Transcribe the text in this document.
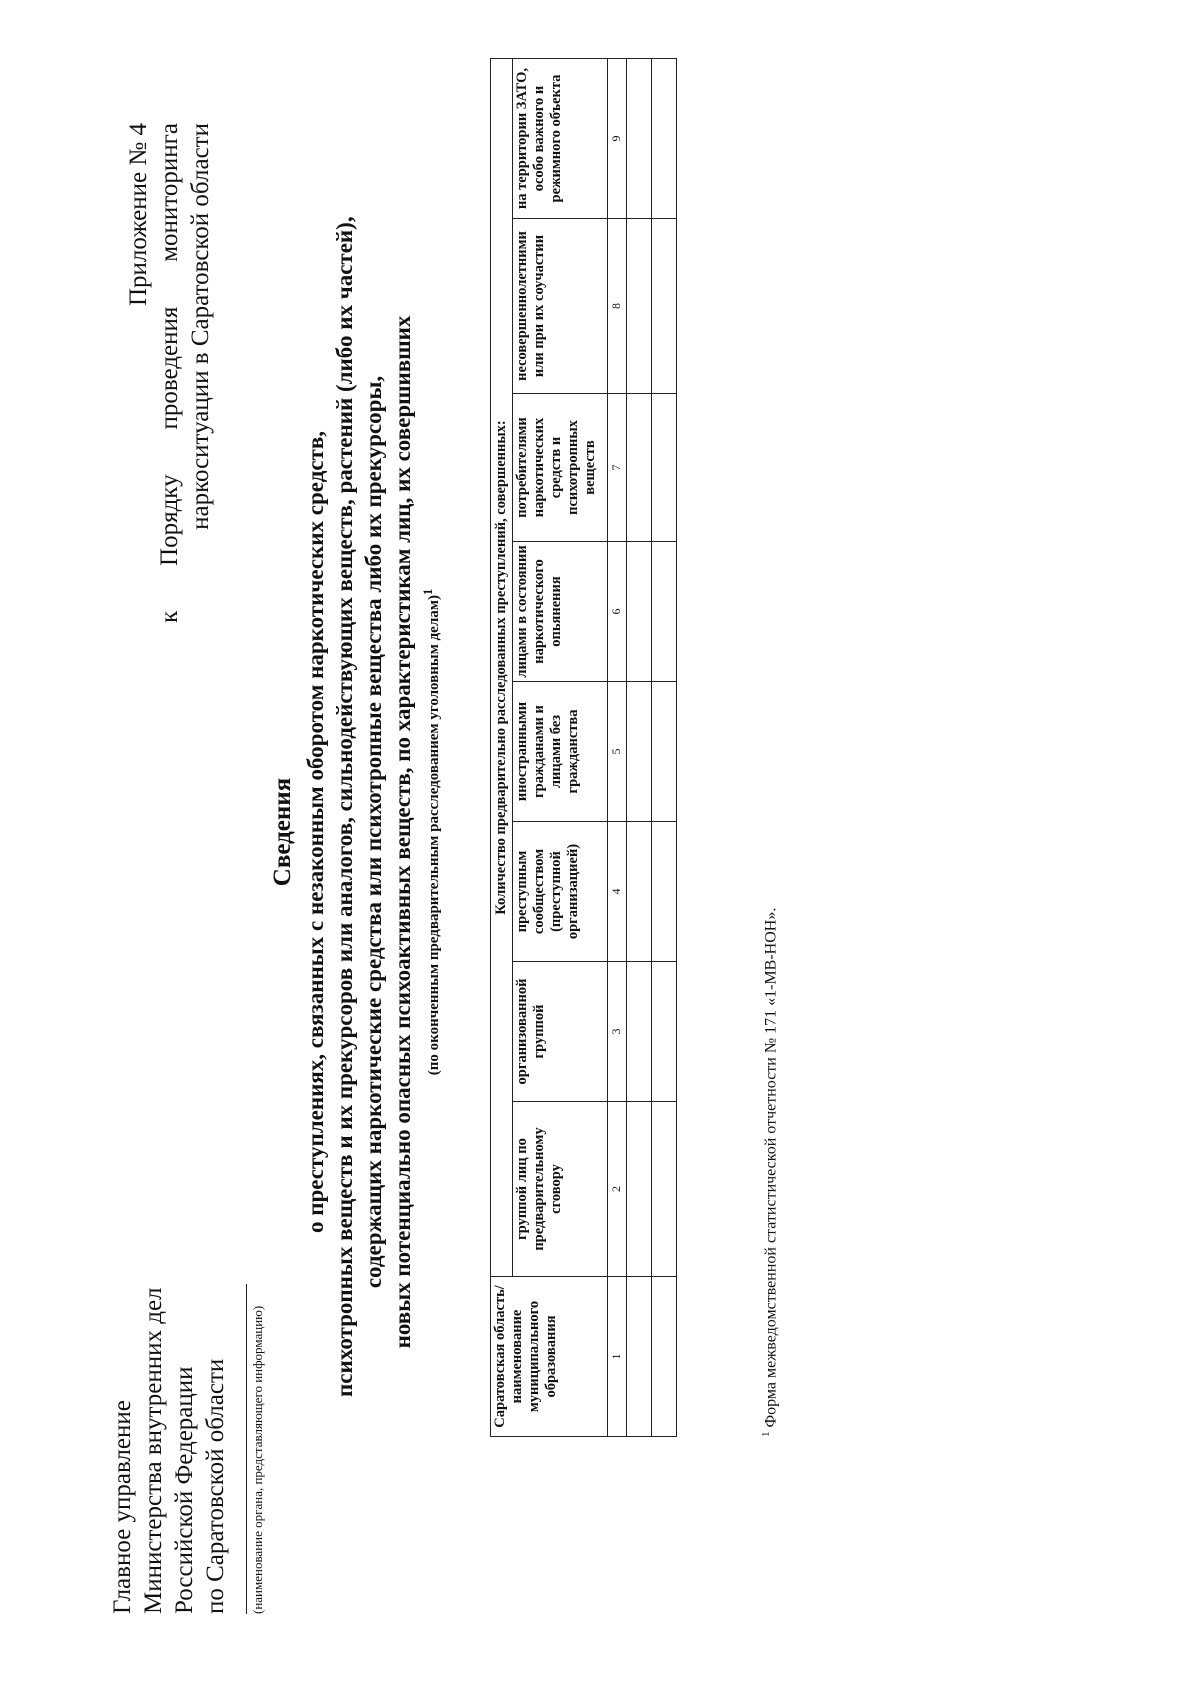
Главное управление Министерства внутренних дел Российской Федерации по Саратовской области (наименование органа, представляющего информацию)
Приложение № 4 к Порядку проведения мониторинга наркоситуации в Саратовской области
Сведения о преступлениях, связанных с незаконным оборотом наркотических средств, психотропных веществ и их прекурсоров или аналогов, сильнодействующих веществ, растений (либо их частей), содержащих наркотические средства или психотропные вещества либо их прекурсоры, новых потенциально опасных психоактивных веществ, по характеристикам лиц, их совершивших (по оконченным предварительным расследованием уголовным делам)$^1$
Саратовская область/ наименование муниципального образования	Количество предварительно расследованных преступлений, совершенных:							
	группой лиц по предварительному сговору	организованной группой	преступным сообществом (преступной организацией)	иностранными гражданами и лицами без гражданства	лицами в состоянии наркотического опьянения	потребителями наркотических средств и психотропных веществ	несовершеннолетними или при их соучастии	на территории ЗАТО, особо важного и режимного объекта
1	2	3	4	5	6	7	8	9

$^1$ Форма межведомственной статистической отчетности № 171 «1-МВ-НОН».
